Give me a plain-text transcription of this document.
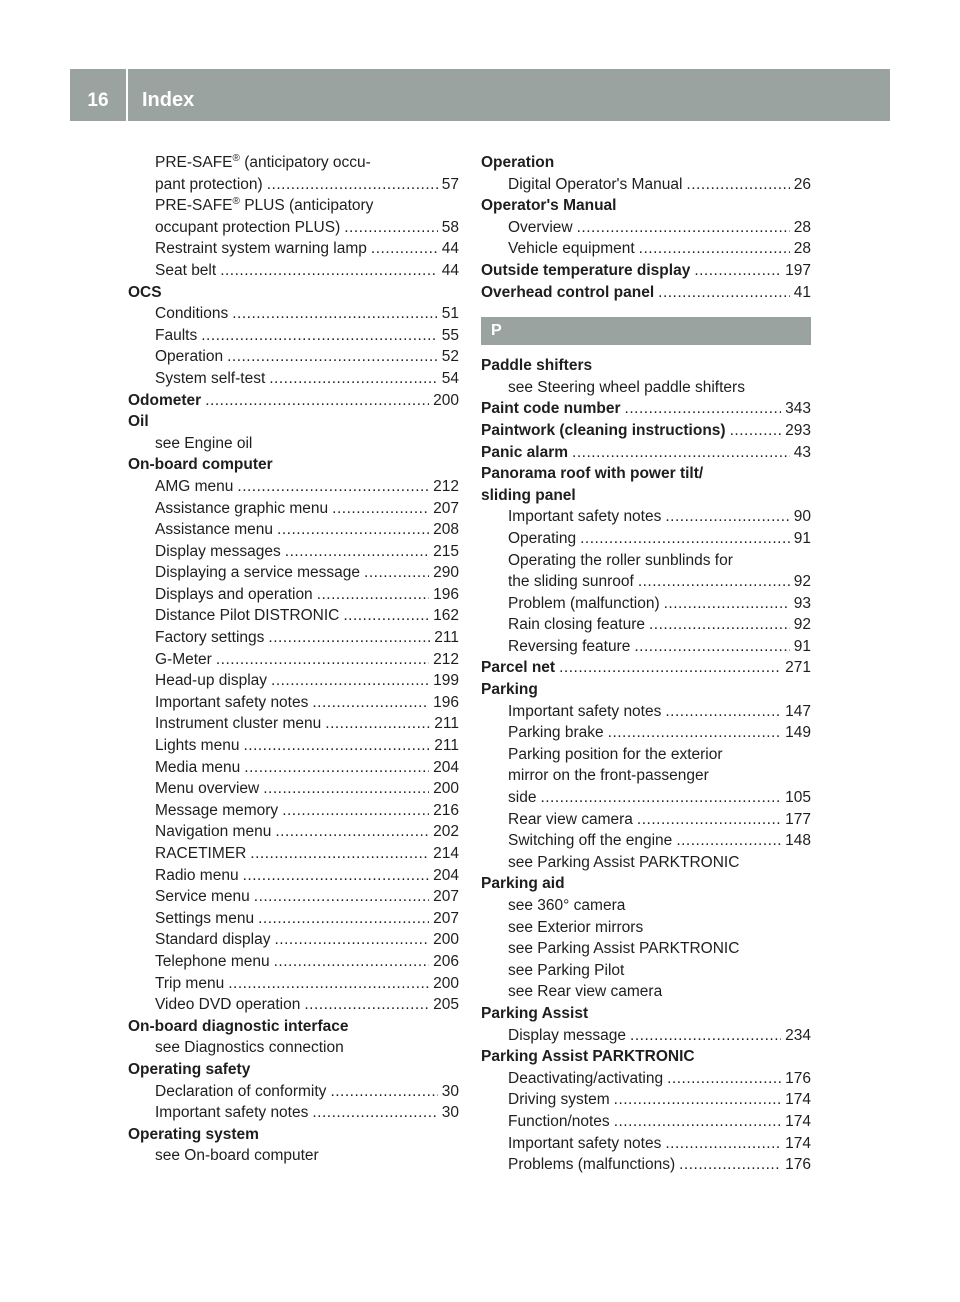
16	Index
PRE-SAFE® (anticipatory occu-
pant protection) .....	57
PRE-SAFE® PLUS (anticipatory
occupant protection PLUS) .....	58
Restraint system warning lamp .....	44
Seat belt .....	44
OCS
Conditions .....	51
Faults .....	55
Operation .....	52
System self-test .....	54
Odometer .....	200
Oil
see Engine oil
On-board computer
AMG menu .....	212
Assistance graphic menu .....	207
Assistance menu .....	208
Display messages .....	215
Displaying a service message .....	290
Displays and operation .....	196
Distance Pilot DISTRONIC .....	162
Factory settings .....	211
G-Meter .....	212
Head-up display .....	199
Important safety notes .....	196
Instrument cluster menu .....	211
Lights menu .....	211
Media menu .....	204
Menu overview .....	200
Message memory .....	216
Navigation menu .....	202
RACETIMER .....	214
Radio menu .....	204
Service menu .....	207
Settings menu .....	207
Standard display .....	200
Telephone menu .....	206
Trip menu .....	200
Video DVD operation .....	205
On-board diagnostic interface
see Diagnostics connection
Operating safety
Declaration of conformity .....	30
Important safety notes .....	30
Operating system
see On-board computer
Operation
Digital Operator's Manual .....	26
Operator's Manual
Overview .....	28
Vehicle equipment .....	28
Outside temperature display .....	197
Overhead control panel .....	41
P
Paddle shifters
see Steering wheel paddle shifters
Paint code number .....	343
Paintwork (cleaning instructions) .....	293
Panic alarm .....	43
Panorama roof with power tilt/
sliding panel
Important safety notes .....	90
Operating .....	91
Operating the roller sunblinds for
the sliding sunroof .....	92
Problem (malfunction) .....	93
Rain closing feature .....	92
Reversing feature .....	91
Parcel net .....	271
Parking
Important safety notes .....	147
Parking brake .....	149
Parking position for the exterior
mirror on the front-passenger
side .....	105
Rear view camera .....	177
Switching off the engine .....	148
see Parking Assist PARKTRONIC
Parking aid
see 360° camera
see Exterior mirrors
see Parking Assist PARKTRONIC
see Parking Pilot
see Rear view camera
Parking Assist
Display message .....	234
Parking Assist PARKTRONIC
Deactivating/activating .....	176
Driving system .....	174
Function/notes .....	174
Important safety notes .....	174
Problems (malfunctions) .....	176
